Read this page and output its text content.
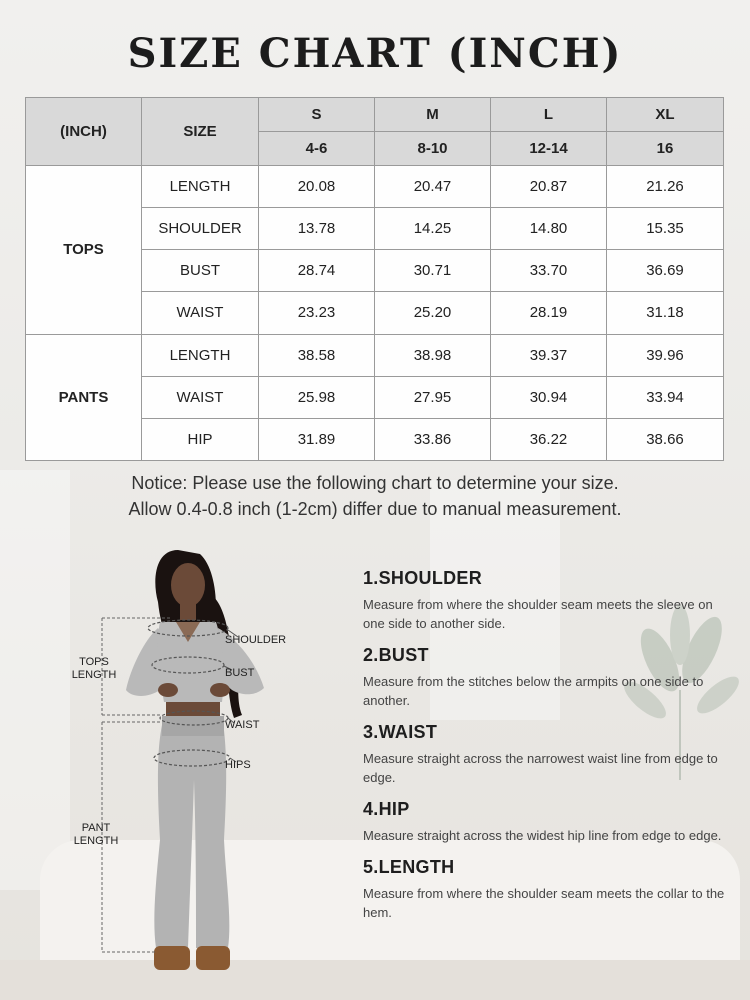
SIZE CHART (INCH)
(INCH)	SIZE	S	M	L	XL
		4-6	8-10	12-14	16
TOPS	LENGTH	20.08	20.47	20.87	21.26
	SHOULDER	13.78	14.25	14.80	15.35
	BUST	28.74	30.71	33.70	36.69
	WAIST	23.23	25.20	28.19	31.18
PANTS	LENGTH	38.58	38.98	39.37	39.96
	WAIST	25.98	27.95	30.94	33.94
	HIP	31.89	33.86	36.22	38.66
Notice: Please use the following chart to determine your size.
Allow 0.4-0.8 inch (1-2cm) differ due to manual measurement.
SHOULDER
BUST
WAIST
HIPS
TOPS
LENGTH
PANT
LENGTH
1.SHOULDER
Measure from where the shoulder seam meets the sleeve on one side to another side.
2.BUST
Measure from the stitches below the armpits on one side to another.
3.WAIST
Measure straight across the narrowest waist line from edge to edge.
4.HIP
Measure straight across the widest hip line from edge to edge.
5.LENGTH
Measure from where the shoulder seam meets the collar to the hem.
